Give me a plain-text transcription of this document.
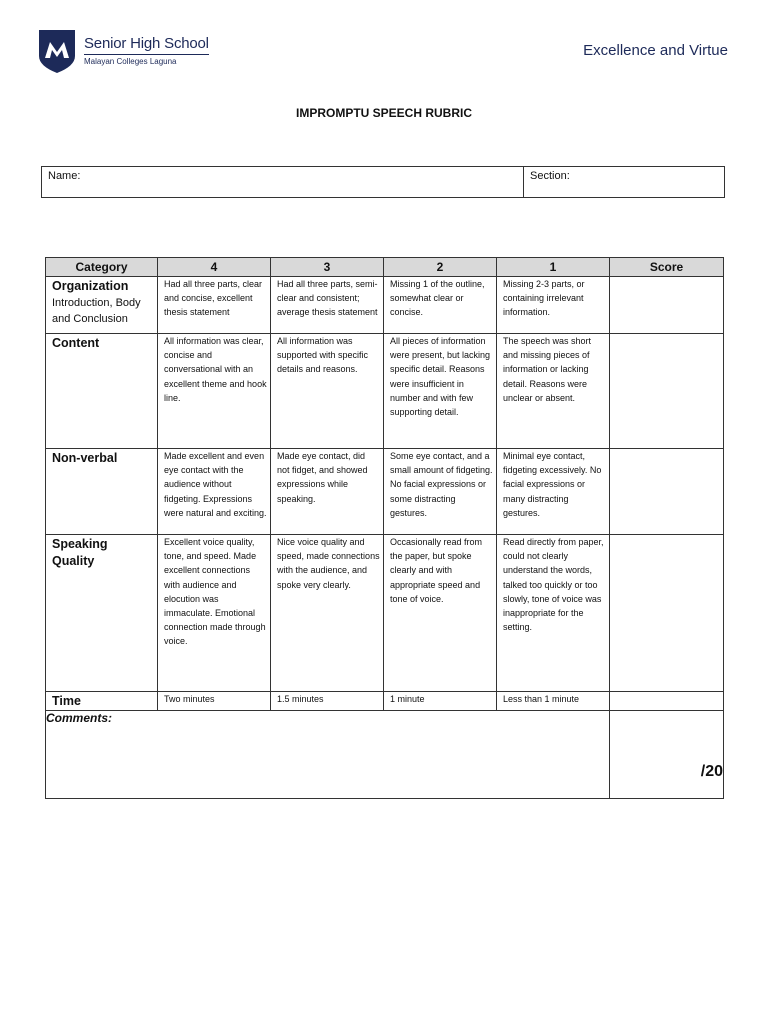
Senior High School
Malayan Colleges Laguna
Excellence and Virtue
IMPROMPTU SPEECH RUBRIC
Name:	Section:
Category	4	3	2	1	Score

Organization
Introduction, Body and Conclusion	Had all three parts, clear and concise, excellent thesis statement	Had all three parts, semi-clear and consistent; average thesis statement	Missing 1 of the outline, somewhat clear or concise.	Missing 2-3 parts, or containing irrelevant information.	

Content	All information was clear, concise and conversational with an excellent theme and hook line.	All information was supported with specific details and reasons.	All pieces of information were present, but lacking specific detail. Reasons were insufficient in number and with few supporting detail.	The speech was short and missing pieces of information or lacking detail. Reasons were unclear or absent.	

Non-verbal	Made excellent and even eye contact with the audience without fidgeting. Expressions were natural and exciting.	Made eye contact, did not fidget, and showed expressions while speaking.	Some eye contact, and a small amount of fidgeting. No facial expressions or some distracting gestures.	Minimal eye contact, fidgeting excessively. No facial expressions or many distracting gestures.	

Speaking Quality	Excellent voice quality, tone, and speed. Made excellent connections with audience and elocution was immaculate. Emotional connection made through voice.	Nice voice quality and speed, made connections with the audience, and spoke very clearly.	Occasionally read from the paper, but spoke clearly and with appropriate speed and tone of voice.	Read directly from paper, could not clearly understand the words, talked too quickly or too slowly, tone of voice was inappropriate for the setting.	

Time	Two minutes	1.5 minutes	1 minute	Less than 1 minute	
Comments:					/20
